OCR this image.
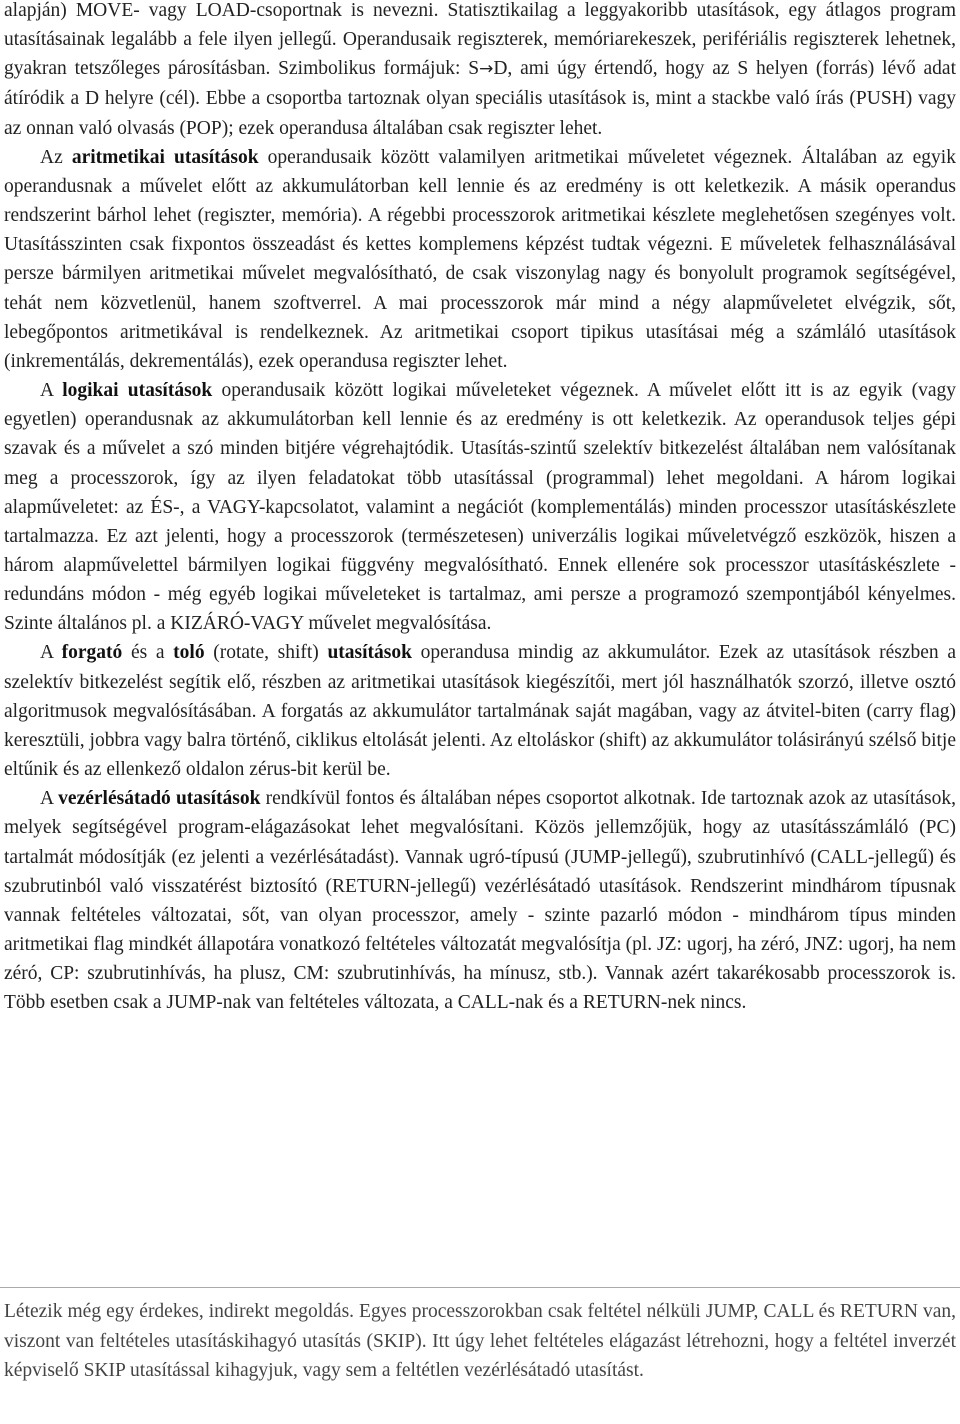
alapján) MOVE- vagy LOAD-csoportnak is nevezni. Statisztikailag a leggyakoribb utasítások, egy átlagos program utasításainak legalább a fele ilyen jellegű. Operandusaik regiszterek, memóriarekeszek, perifériális regiszterek lehetnek, gyakran tetszőleges párosításban. Szimbolikus formájuk: S→D, ami úgy értendő, hogy az S helyen (forrás) lévő adat átíródik a D helyre (cél). Ebbe a csoportba tartoznak olyan speciális utasítások is, mint a stackbe való írás (PUSH) vagy az onnan való olvasás (POP); ezek operandusa általában csak regiszter lehet.

Az aritmetikai utasítások operandusaik között valamilyen aritmetikai műveletet végeznek. Általában az egyik operandusnak a művelet előtt az akkumulátorban kell lennie és az eredmény is ott keletkezik. A másik operandus rendszerint bárhol lehet (regiszter, memória). A régebbi processzorok aritmetikai készlete meglehetősen szegényes volt. Utasításszinten csak fixpontos összeadást és kettes komplemens képzést tudtak végezni. E műveletek felhasználásával persze bármilyen aritmetikai művelet megvalósítható, de csak viszonylag nagy és bonyolult programok segítségével, tehát nem közvetlenül, hanem szoftverrel. A mai processzorok már mind a négy alapműveletet elvégzik, sőt, lebegőpontos aritmetikával is rendelkeznek. Az aritmetikai csoport tipikus utasításai még a számláló utasítások (inkrementálás, dekrementálás), ezek operandusa regiszter lehet.

A logikai utasítások operandusaik között logikai műveleteket végeznek. A művelet előtt itt is az egyik (vagy egyetlen) operandusnak az akkumulátorban kell lennie és az eredmény is ott keletkezik. Az operandusok teljes gépi szavak és a művelet a szó minden bitjére végrehajtódik. Utasítás-szintű szelektív bitkezelést általában nem valósítanak meg a processzorok, így az ilyen feladatokat több utasítással (programmal) lehet megoldani. A három logikai alapműveletet: az ÉS-, a VAGY-kapcsolatot, valamint a negációt (komplementálás) minden processzor utasításkészlete tartalmazza. Ez azt jelenti, hogy a processzorok (természetesen) univerzális logikai műveletvégző eszközök, hiszen a három alapművelettel bármilyen logikai függvény megvalósítható. Ennek ellenére sok processzor utasításkészlete - redundáns módon - még egyéb logikai műveleteket is tartalmaz, ami persze a programozó szempontjából kényelmes. Szinte általános pl. a KIZÁRÓ-VAGY művelet megvalósítása.

A forgató és a toló (rotate, shift) utasítások operandusa mindig az akkumulátor. Ezek az utasítások részben a szelektív bitkezelést segítik elő, részben az aritmetikai utasítások kiegészítői, mert jól használhatók szorzó, illetve osztó algoritmusok megvalósításában. A forgatás az akkumulátor tartalmának saját magában, vagy az átvitel-biten (carry flag) keresztüli, jobbra vagy balra történő, ciklikus eltolását jelenti. Az eltoláskor (shift) az akkumulátor tolásirányú szélső bitje eltűnik és az ellenkező oldalon zérus-bit kerül be.

A vezérlésátadó utasítások rendkívül fontos és általában népes csoportot alkotnak. Ide tartoznak azok az utasítások, melyek segítségével program-elágazásokat lehet megvalósítani. Közös jellemzőjük, hogy az utasításszámláló (PC) tartalmát módosítják (ez jelenti a vezérlésátadást). Vannak ugró-típusú (JUMP-jellegű), szubrutinhívó (CALL-jellegű) és szubrutinból való visszatérést biztosító (RETURN-jellegű) vezérlésátadó utasítások. Rendszerint mindhárom típusnak vannak feltételes változatai, sőt, van olyan processzor, amely - szinte pazarló módon - mindhárom típus minden aritmetikai flag mindkét állapotára vonatkozó feltételes változatát megvalósítja (pl. JZ: ugorj, ha zéró, JNZ: ugorj, ha nem zéró, CP: szubrutinhívás, ha plusz, CM: szubrutinhívás, ha mínusz, stb.). Vannak azért takarékosabb processzorok is. Több esetben csak a JUMP-nak van feltételes változata, a CALL-nak és a RETURN-nek nincs.

Létezik még egy érdekes, indirekt megoldás. Egyes processzorokban csak feltétel nélküli JUMP, CALL és RETURN van, viszont van feltételes utasításkihagyó utasítás (SKIP). Itt úgy lehet feltételes elágazást létrehozni, hogy a feltétel inverzét képviselő SKIP utasítással kihagyjuk, vagy sem a feltétlen vezérlésátadó utasítást.
